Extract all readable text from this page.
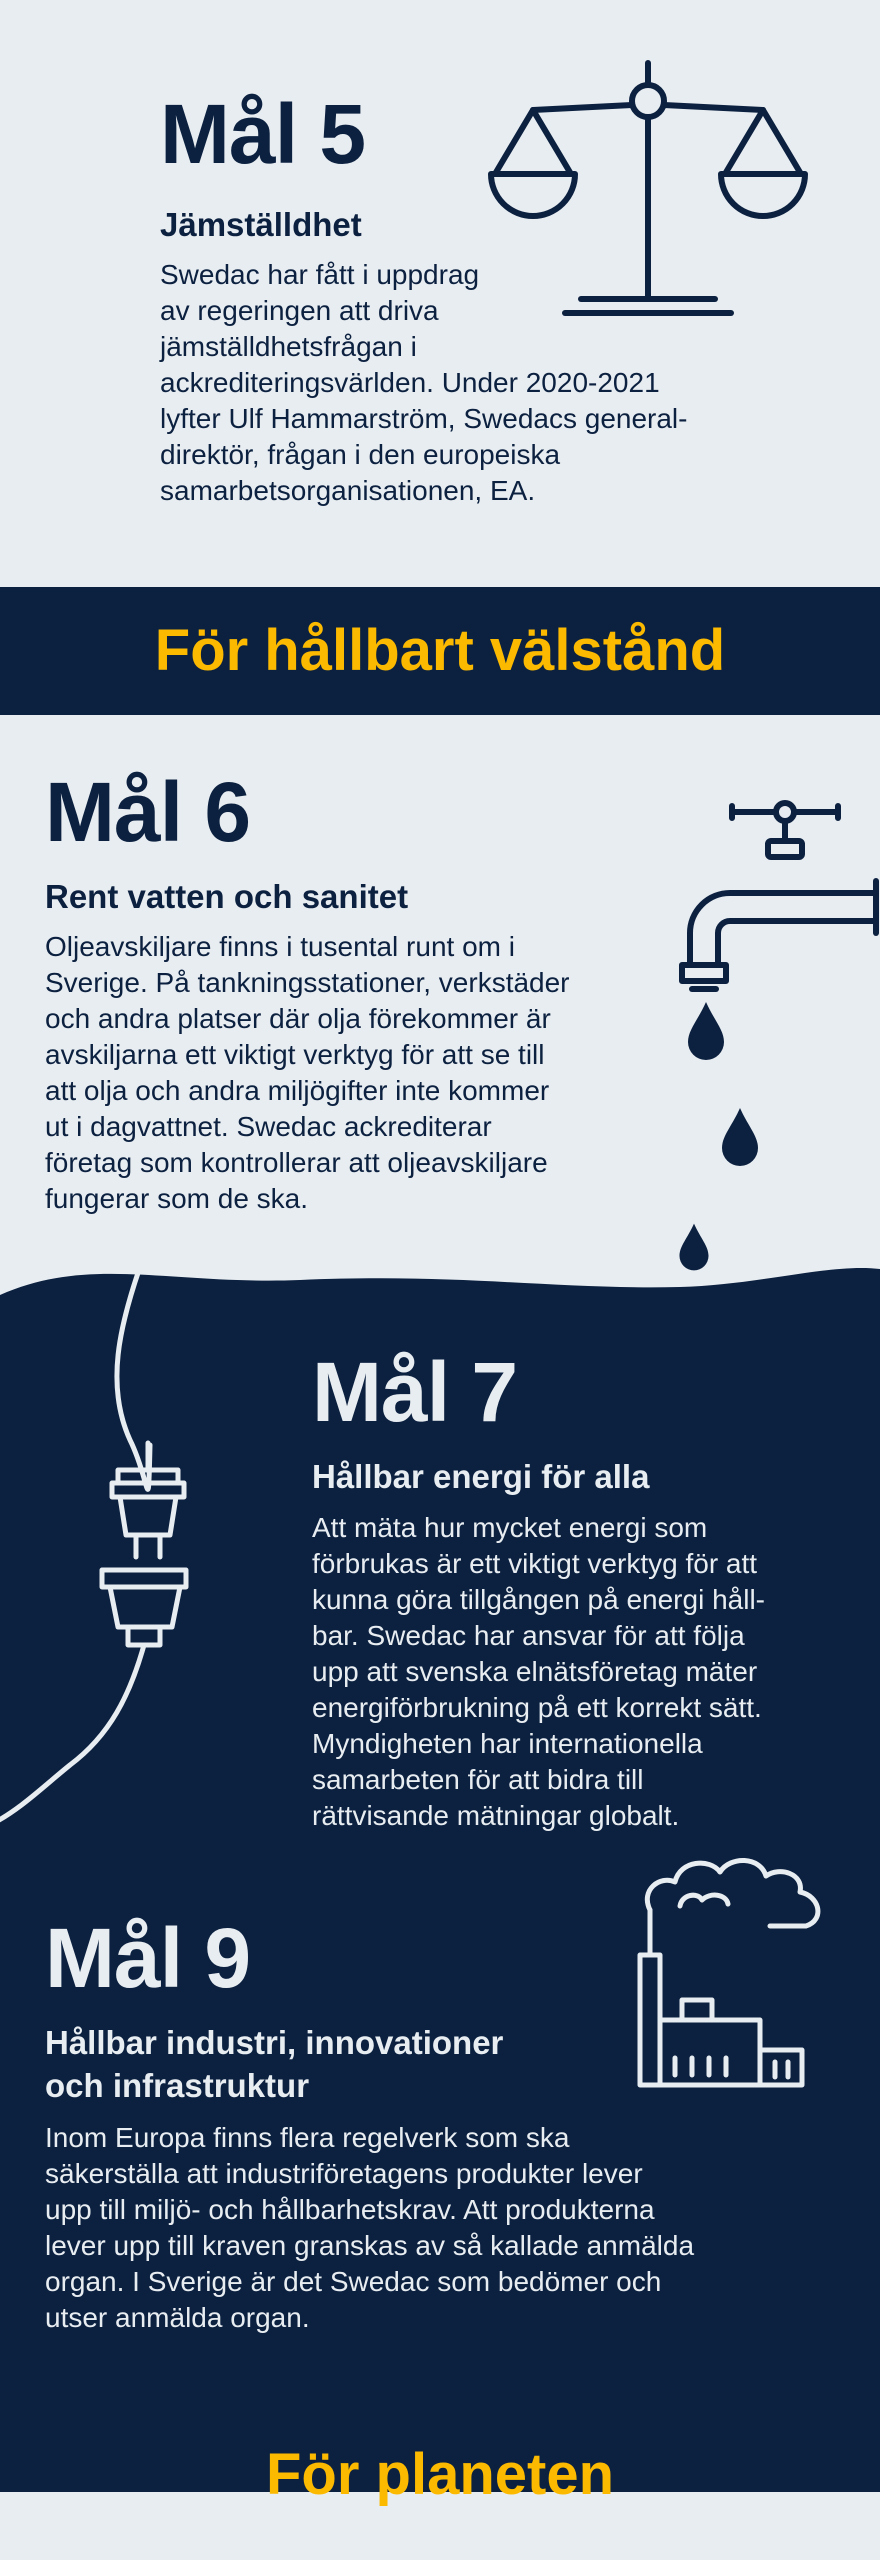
Mål 5
Jämställdhet
Swedac har fått i uppdrag
av regeringen att driva
jämställdhetsfrågan i
ackrediteringsvärlden. Under 2020-2021
lyfter Ulf Hammarström, Swedacs general-
direktör, frågan i den europeiska
samarbetsorganisationen, EA.
För hållbart välstånd
Mål 6
Rent vatten och sanitet
Oljeavskiljare finns i tusental runt om i
Sverige. På tankningsstationer, verkstäder
och andra platser där olja förekommer är
avskiljarna ett viktigt verktyg för att se till
att olja och andra miljögifter inte kommer
ut i dagvattnet. Swedac ackrediterar
företag som kontrollerar att oljeavskiljare
fungerar som de ska.
Mål 7
Hållbar energi för alla
Att mäta hur mycket energi som
förbrukas är ett viktigt verktyg för att
kunna göra tillgången på energi håll-
bar. Swedac har ansvar för att följa
upp att svenska elnätsföretag mäter
energiförbrukning på ett korrekt sätt.
Myndigheten har internationella
samarbeten för att bidra till
rättvisande mätningar globalt.
Mål 9
Hållbar industri, innovationer
och infrastruktur
Inom Europa finns flera regelverk som ska
säkerställa att industriföretagens produkter lever
upp till miljö- och hållbarhetskrav. Att produkterna
lever upp till kraven granskas av så kallade anmälda
organ. I Sverige är det Swedac som bedömer och
utser anmälda organ.
För planeten
